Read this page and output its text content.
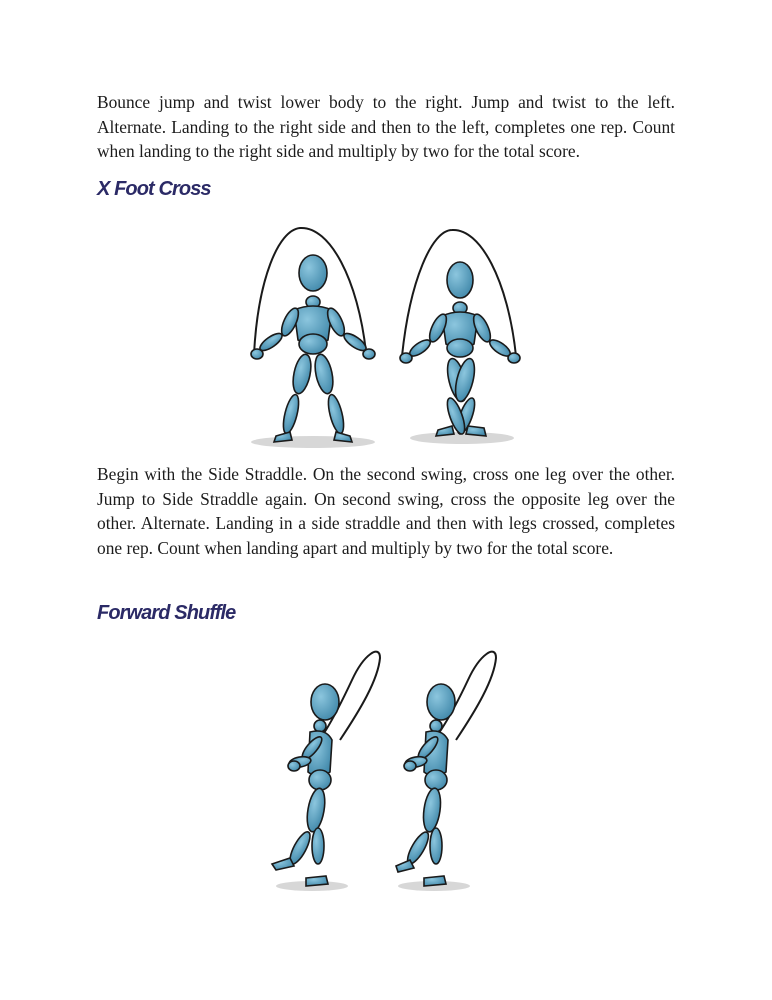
Bounce jump and twist lower body to the right. Jump and twist to the left. Alternate. Landing to the right side and then to the left, completes one rep. Count when landing to the right side and multiply by two for the total score.

X Foot Cross

Begin with the Side Straddle. On the second swing, cross one leg over the other. Jump to Side Straddle again. On second swing, cross the opposite leg over the other. Alternate. Landing in a side straddle and then with legs crossed, completes one rep. Count when landing apart and multiply by two for the total score.

Forward Shuffle
